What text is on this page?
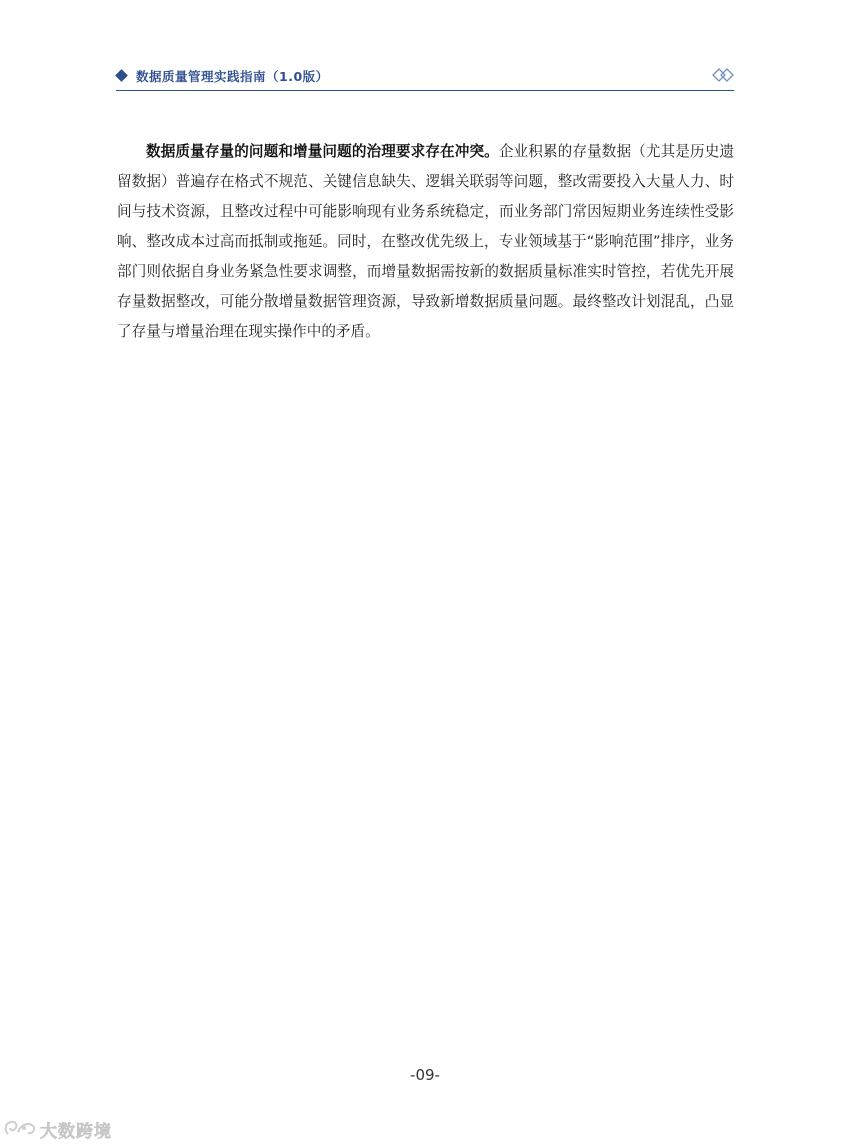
数据质量管理实践指南（1.0版）

数据质量存量的问题和增量问题的治理要求存在冲突。企业积累的存量数据（尤其是历史遗留数据）普遍存在格式不规范、关键信息缺失、逻辑关联弱等问题，整改需要投入大量人力、时间与技术资源，且整改过程中可能影响现有业务系统稳定，而业务部门常因短期业务连续性受影响、整改成本过高而抵制或拖延。同时，在整改优先级上，专业领域基于“影响范围”排序，业务部门则依据自身业务紧急性要求调整，而增量数据需按新的数据质量标准实时管控，若优先开展存量数据整改，可能分散增量数据管理资源，导致新增数据质量问题。最终整改计划混乱，凸显了存量与增量治理在现实操作中的矛盾。

-09-
大数跨境
